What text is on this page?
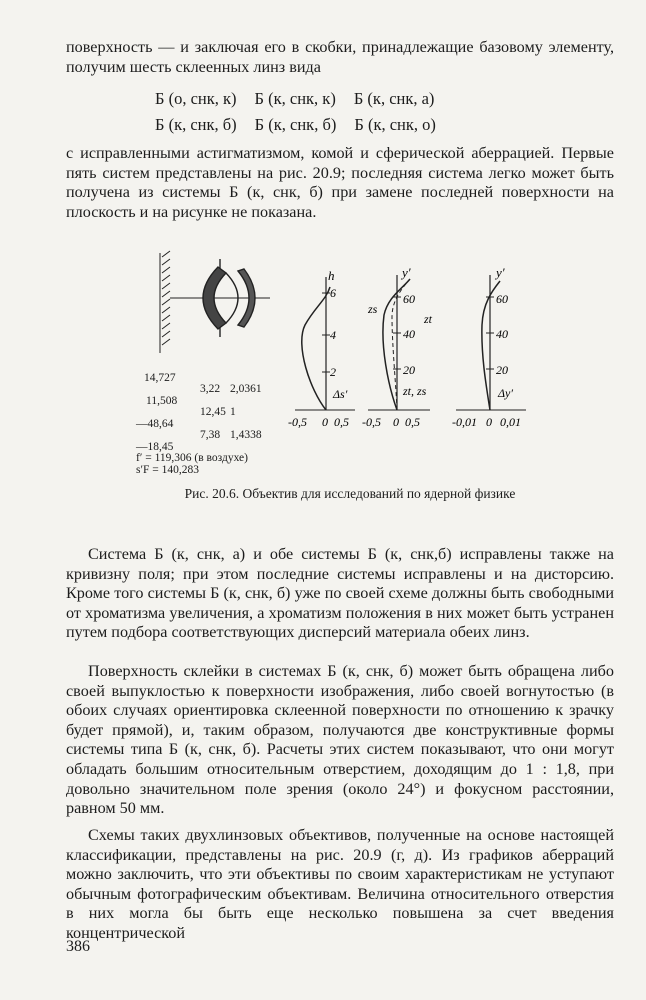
поверхность — и заключая его в скобки, принадлежащие базовому элементу, получим шесть склеенных линз вида

Б (о, снк, к) Б (к, снк, к) Б (к, снк, а)
Б (к, снк, б) Б (к, снк, б) Б (к, снк, о)

с исправленными астигматизмом, комой и сферической аберрацией. Первые пять систем представлены на рис. 20.9; последняя система легко может быть получена из системы Б (к, снк, б) при замене последней поверхности на плоскость и на рисунке не показана.

h
6
4
2
Δs′
-0,5 0 0,5
y′
60
40
20
zs
zt
zt, zs
-0,5 0 0,5
y′
60
40
20
Δy′
-0,01 0 0,01
14,727
3,22 2,0361
11,508
12,45 1
—48,64
7,38 1,4338
—18,45
f′ = 119,306 (в воздухе)
s′F = 140,283
Рис. 20.6. Объектив для исследований по ядерной физике

Система Б (к, снк, а) и обе системы Б (к, снк,б) исправлены также на кривизну поля; при этом последние системы исправлены и на дисторсию. Кроме того системы Б (к, снк, б) уже по своей схеме должны быть свободными от хроматизма увеличения, а хроматизм положения в них может быть устранен путем подбора соответствующих дисперсий материала обеих линз.

Поверхность склейки в системах Б (к, снк, б) может быть обращена либо своей выпуклостью к поверхности изображения, либо своей вогнутостью (в обоих случаях ориентировка склеенной поверхности по отношению к зрачку будет прямой), и, таким образом, получаются две конструктивные формы системы типа Б (к, снк, б). Расчеты этих систем показывают, что они могут обладать большим относительным отверстием, доходящим до 1 : 1,8, при довольно значительном поле зрения (около 24°) и фокусном расстоянии, равном 50 мм.

Схемы таких двухлинзовых объективов, полученные на основе настоящей классификации, представлены на рис. 20.9 (г, д). Из графиков аберраций можно заключить, что эти объективы по своим характеристикам не уступают обычным фотографическим объективам. Величина относительного отверстия в них могла бы быть еще несколько повышена за счет введения концентрической

386
